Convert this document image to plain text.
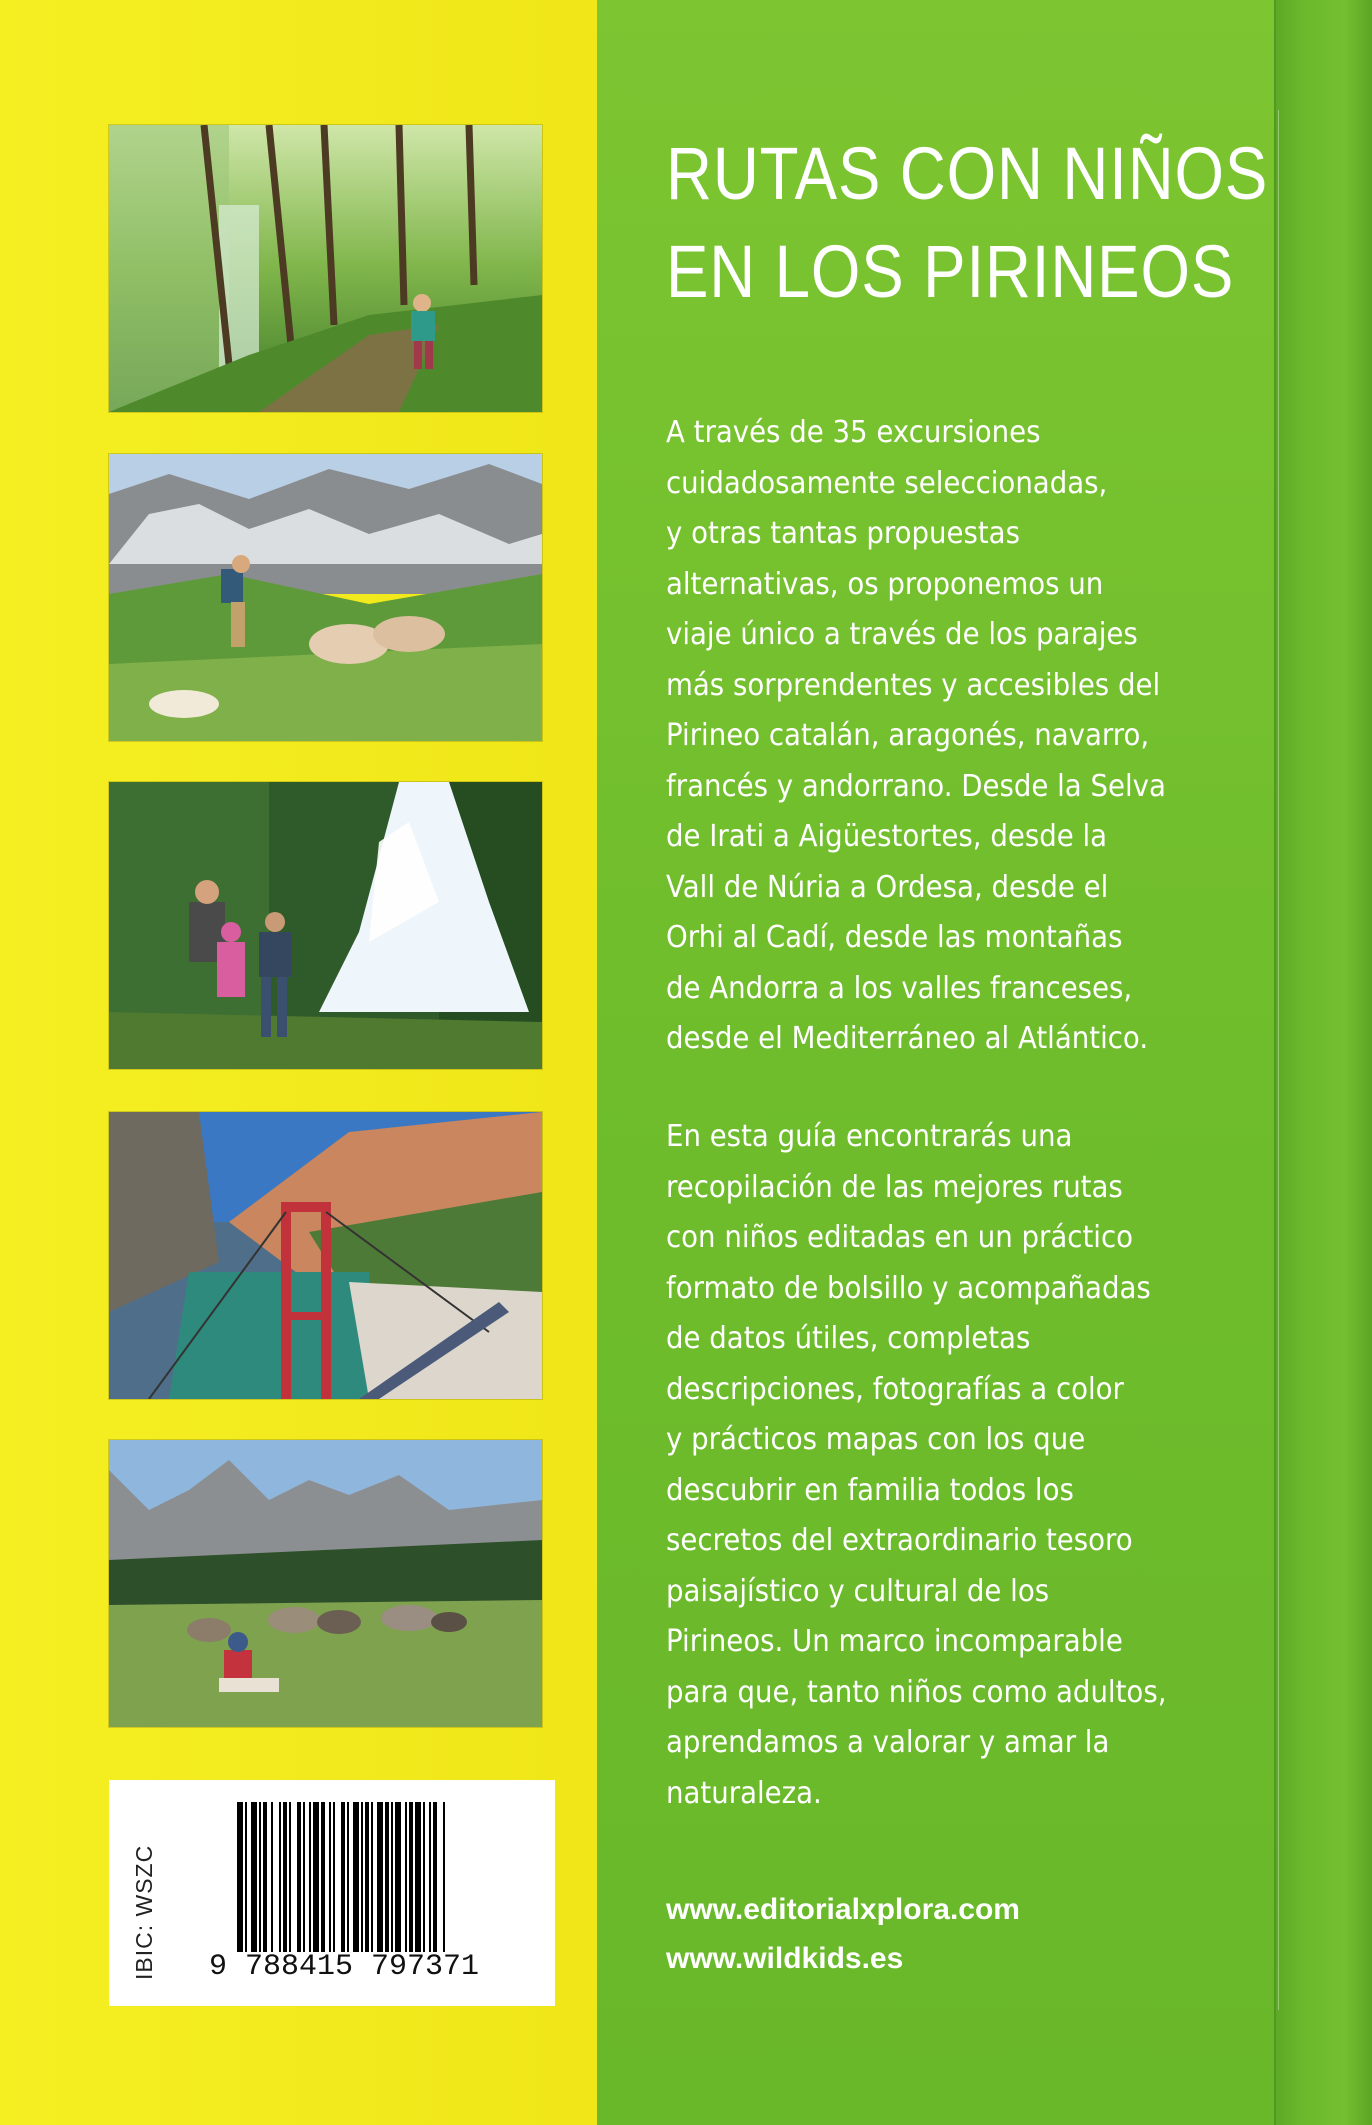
IBIC: WSZC 9 788415 797371
RUTAS CON NIÑOS
EN LOS PIRINEOS
A través de 35 excursiones
cuidadosamente seleccionadas,
y otras tantas propuestas
alternativas, os proponemos un
viaje único a través de los parajes
más sorprendentes y accesibles del
Pirineo catalán, aragonés, navarro,
francés y andorrano. Desde la Selva
de Irati a Aigüestortes, desde la
Vall de Núria a Ordesa, desde el
Orhi al Cadí, desde las montañas
de Andorra a los valles franceses,
desde el Mediterráneo al Atlántico.
En esta guía encontrarás una
recopilación de las mejores rutas
con niños editadas en un práctico
formato de bolsillo y acompañadas
de datos útiles, completas
descripciones, fotografías a color
y prácticos mapas con los que
descubrir en familia todos los
secretos del extraordinario tesoro
paisajístico y cultural de los
Pirineos. Un marco incomparable
para que, tanto niños como adultos,
aprendamos a valorar y amar la
naturaleza.
www.editorialxplora.com
www.wildkids.es
